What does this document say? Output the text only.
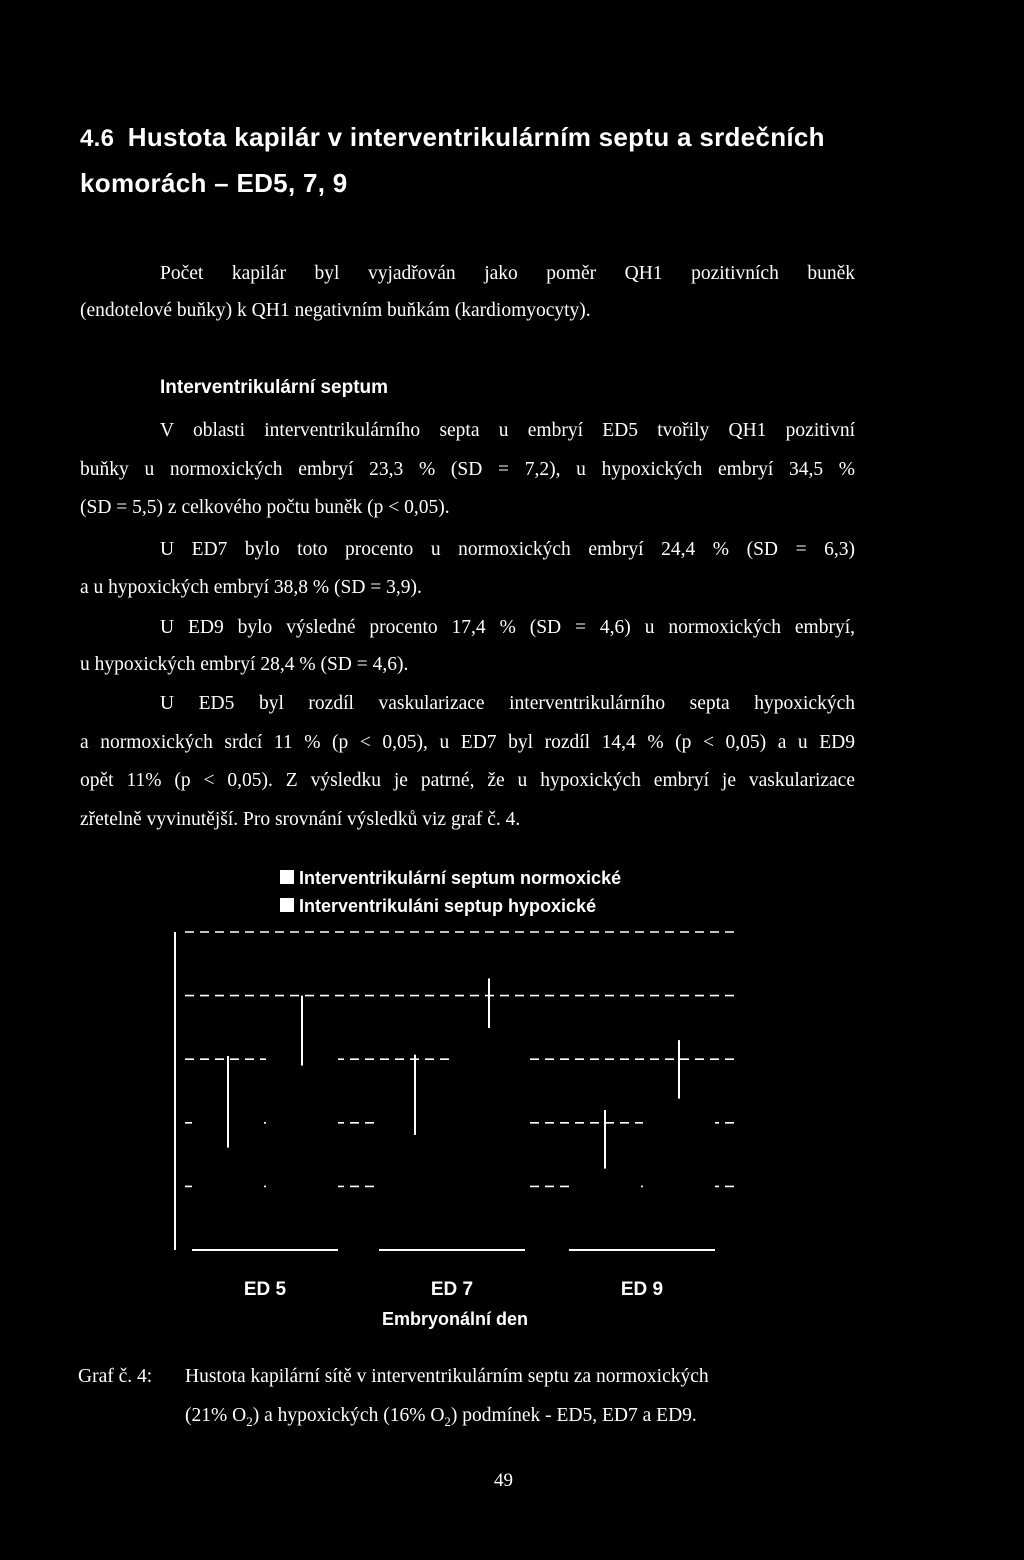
4.6 Hustota kapilár v interventrikulárním septu a srdečních
komorách – ED5, 7, 9
Počet kapilár byl vyjadřován jako poměr QH1 pozitivních buněk
(endotelové buňky) k QH1 negativním buňkám (kardiomyocyty).
Interventrikulární septum
V oblasti interventrikulárního septa u embryí ED5 tvořily QH1 pozitivní
buňky u normoxických embryí 23,3 % (SD = 7,2), u hypoxických embryí 34,5 %
(SD = 5,5) z celkového počtu buněk (p < 0,05).
U ED7 bylo toto procento u normoxických embryí 24,4 % (SD = 6,3)
a u hypoxických embryí 38,8 % (SD = 3,9).
U ED9 bylo výsledné procento 17,4 % (SD = 4,6) u normoxických embryí,
u hypoxických embryí 28,4 % (SD = 4,6).
U ED5 byl rozdíl vaskularizace interventrikulárního septa hypoxických
a normoxických srdcí 11 % (p < 0,05), u ED7 byl rozdíl 14,4 % (p < 0,05) a u ED9
opět 11% (p < 0,05). Z výsledku je patrné, že u hypoxických embryí je vaskularizace
zřetelně vyvinutější. Pro srovnání výsledků viz graf č. 4.
Interventrikulární septum normoxické
Interventrikuláni septup hypoxické
ED 5	ED 7	ED 9
Embryonální den
Graf č. 4: Hustota kapilární sítě v interventrikulárním septu za normoxických
(21% $O_2$) a hypoxických (16% $O_2$) podmínek - ED5, ED7 a ED9.
49
